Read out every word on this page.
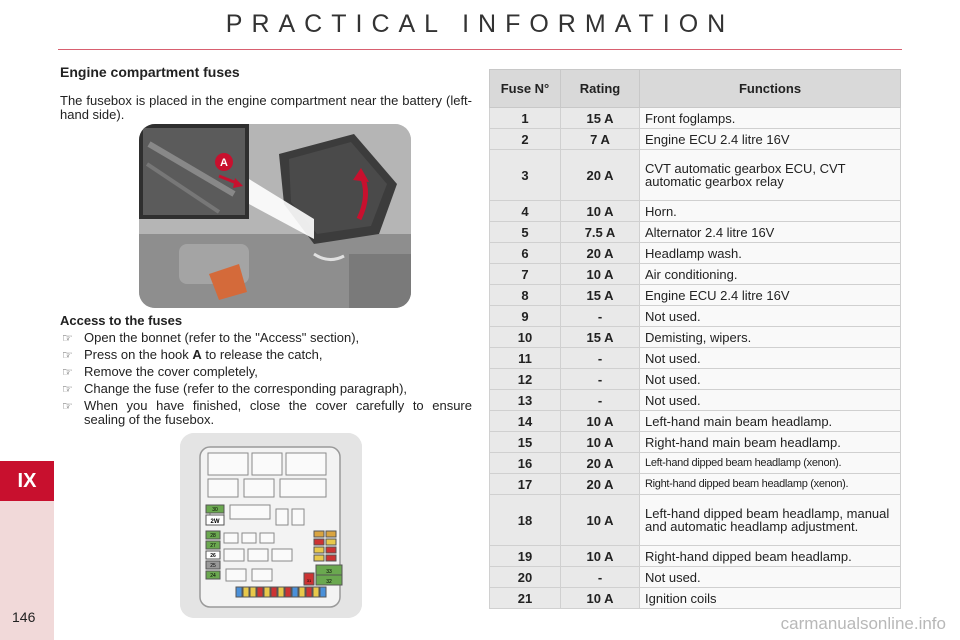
PRACTICAL INFORMATION
IX
146	carmanualsonline.info
Engine compartment fuses

The fusebox is placed in the engine compartment near the battery (left-hand side).

A
Access to the fuses
☞ Open the bonnet (refer to the "Access" section),
☞ Press on the hook A to release the catch,
☞ Remove the cover completely,
☞ Change the fuse (refer to the corresponding paragraph),
☞ When you have finished, close the cover carefully to ensure sealing of the fusebox.
30
2W
28
27
26
25
24
33
32
31
Fuse N°	Rating	Functions
1	15 A	Front foglamps.
2	7 A	Engine ECU 2.4 litre 16V
3	20 A	CVT automatic gearbox ECU, CVT automatic gearbox relay
4	10 A	Horn.
5	7.5 A	Alternator 2.4 litre 16V
6	20 A	Headlamp wash.
7	10 A	Air conditioning.
8	15 A	Engine ECU 2.4 litre 16V
9	-	Not used.
10	15 A	Demisting, wipers.
11	-	Not used.
12	-	Not used.
13	-	Not used.
14	10 A	Left-hand main beam headlamp.
15	10 A	Right-hand main beam headlamp.
16	20 A	Left-hand dipped beam headlamp (xenon).
17	20 A	Right-hand dipped beam headlamp (xenon).
18	10 A	Left-hand dipped beam headlamp, manual and automatic headlamp adjustment.
19	10 A	Right-hand dipped beam headlamp.
20	-	Not used.
21	10 A	Ignition coils
